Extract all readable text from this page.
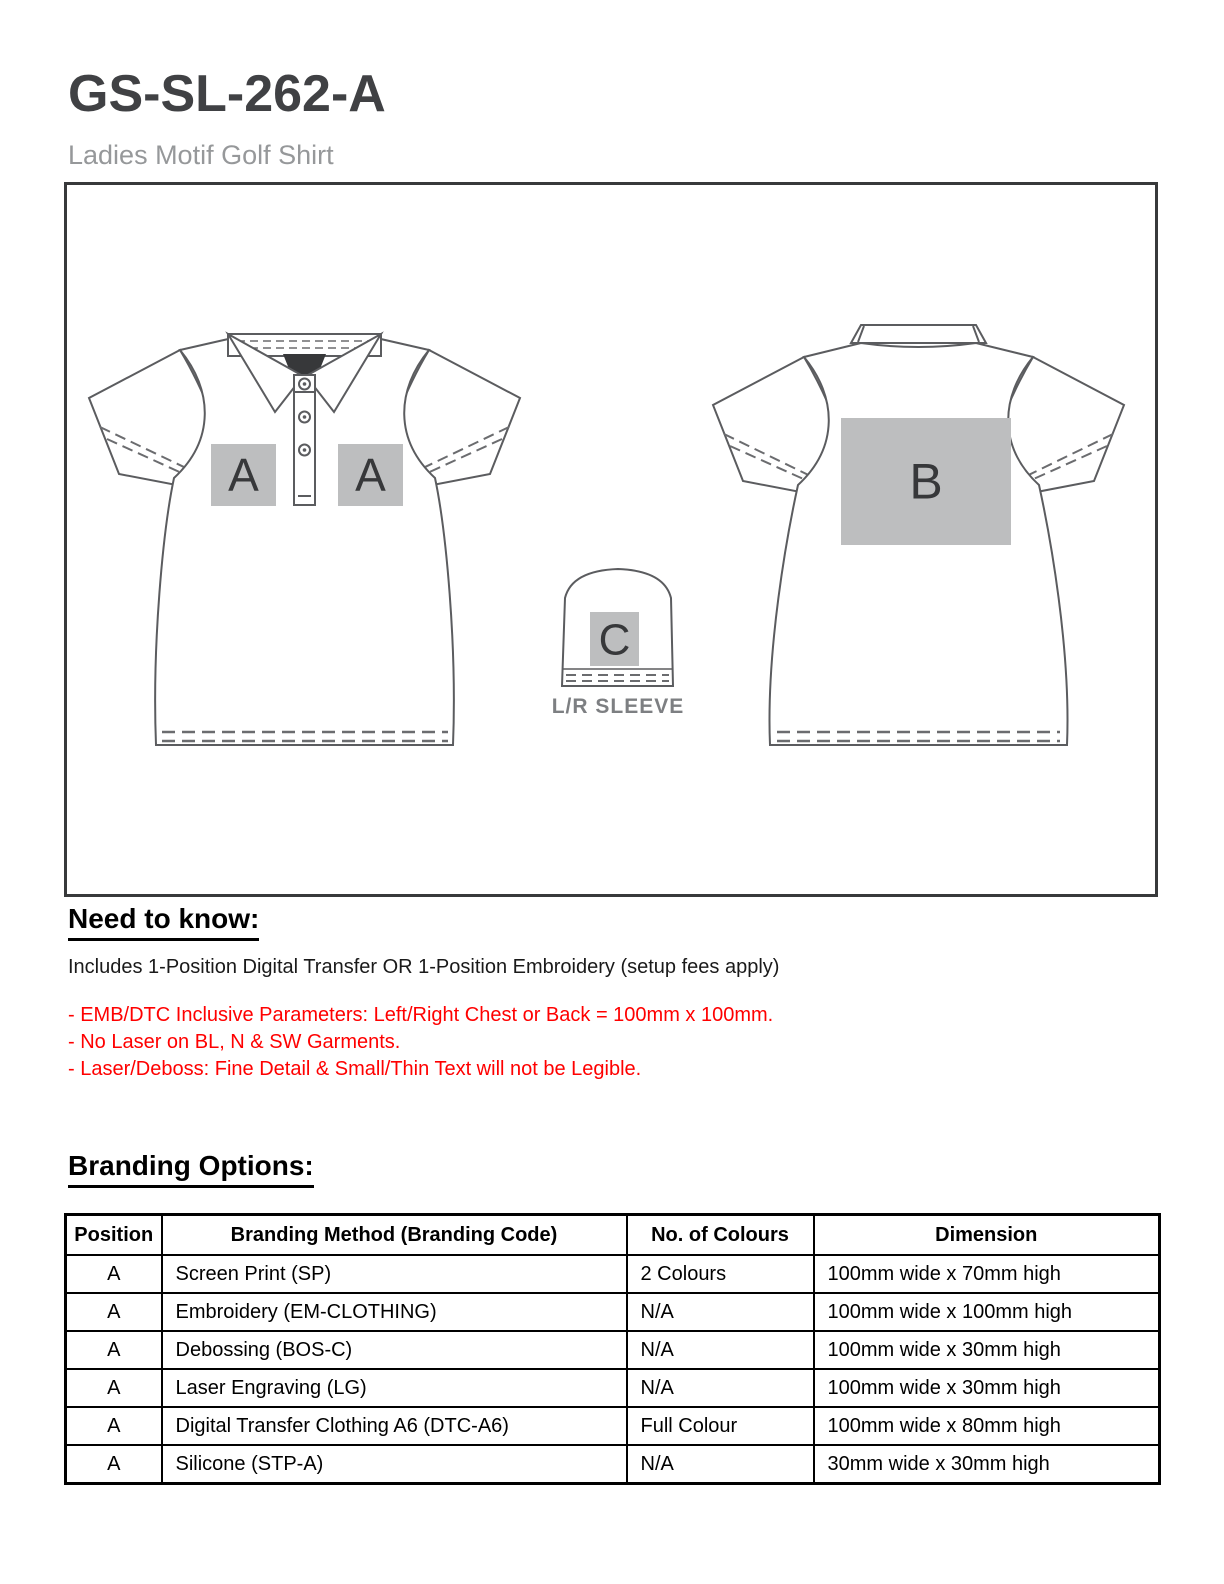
GS-SL-262-A
Ladies Motif Golf Shirt
A A	B
C
L/R SLEEVE
Need to know:
Includes 1-Position Digital Transfer OR 1-Position Embroidery (setup fees apply)
- EMB/DTC Inclusive Parameters: Left/Right Chest or Back = 100mm x 100mm.
- No Laser on BL, N & SW Garments.
- Laser/Deboss: Fine Detail & Small/Thin Text will not be Legible.
Branding Options:
Position	Branding Method (Branding Code)	No. of Colours	Dimension
A	Screen Print (SP)	2 Colours	100mm wide x 70mm high
A	Embroidery (EM-CLOTHING)	N/A	100mm wide x 100mm high
A	Debossing (BOS-C)	N/A	100mm wide x 30mm high
A	Laser Engraving (LG)	N/A	100mm wide x 30mm high
A	Digital Transfer Clothing A6 (DTC-A6)	Full Colour	100mm wide x 80mm high
A	Silicone (STP-A)	N/A	30mm wide x 30mm high
